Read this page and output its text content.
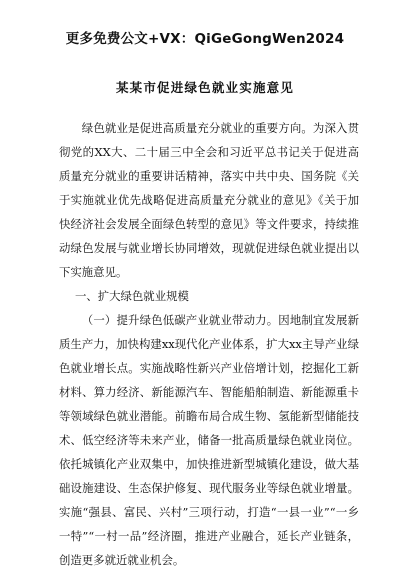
更多免费公文+VX：QiGeGongWen2024
某某市促进绿色就业实施意见

绿色就业是促进高质量充分就业的重要方向。为深入贯彻党的XX大、二十届三中全会和习近平总书记关于促进高质量充分就业的重要讲话精神，落实中共中央、国务院《关于实施就业优先战略促进高质量充分就业的意见》《关于加快经济社会发展全面绿色转型的意见》等文件要求，持续推动绿色发展与就业增长协同增效，现就促进绿色就业提出以下实施意见。

一、扩大绿色就业规模

（一）提升绿色低碳产业就业带动力。因地制宜发展新质生产力，加快构建xx现代化产业体系，扩大xx主导产业绿色就业增长点。实施战略性新兴产业倍增计划，挖掘化工新材料、算力经济、新能源汽车、智能船舶制造、新能源重卡等领域绿色就业潜能。前瞻布局合成生物、氢能新型储能技术、低空经济等未来产业，储备一批高质量绿色就业岗位。依托城镇化产业双集中，加快推进新型城镇化建设，做大基础设施建设、生态保护修复、现代服务业等绿色就业增量。实施“强县、富民、兴村”三项行动，打造“一县一业”“一乡一特”“一村一品”经济圈，推进产业融合，延长产业链条，创造更多就近就业机会。
